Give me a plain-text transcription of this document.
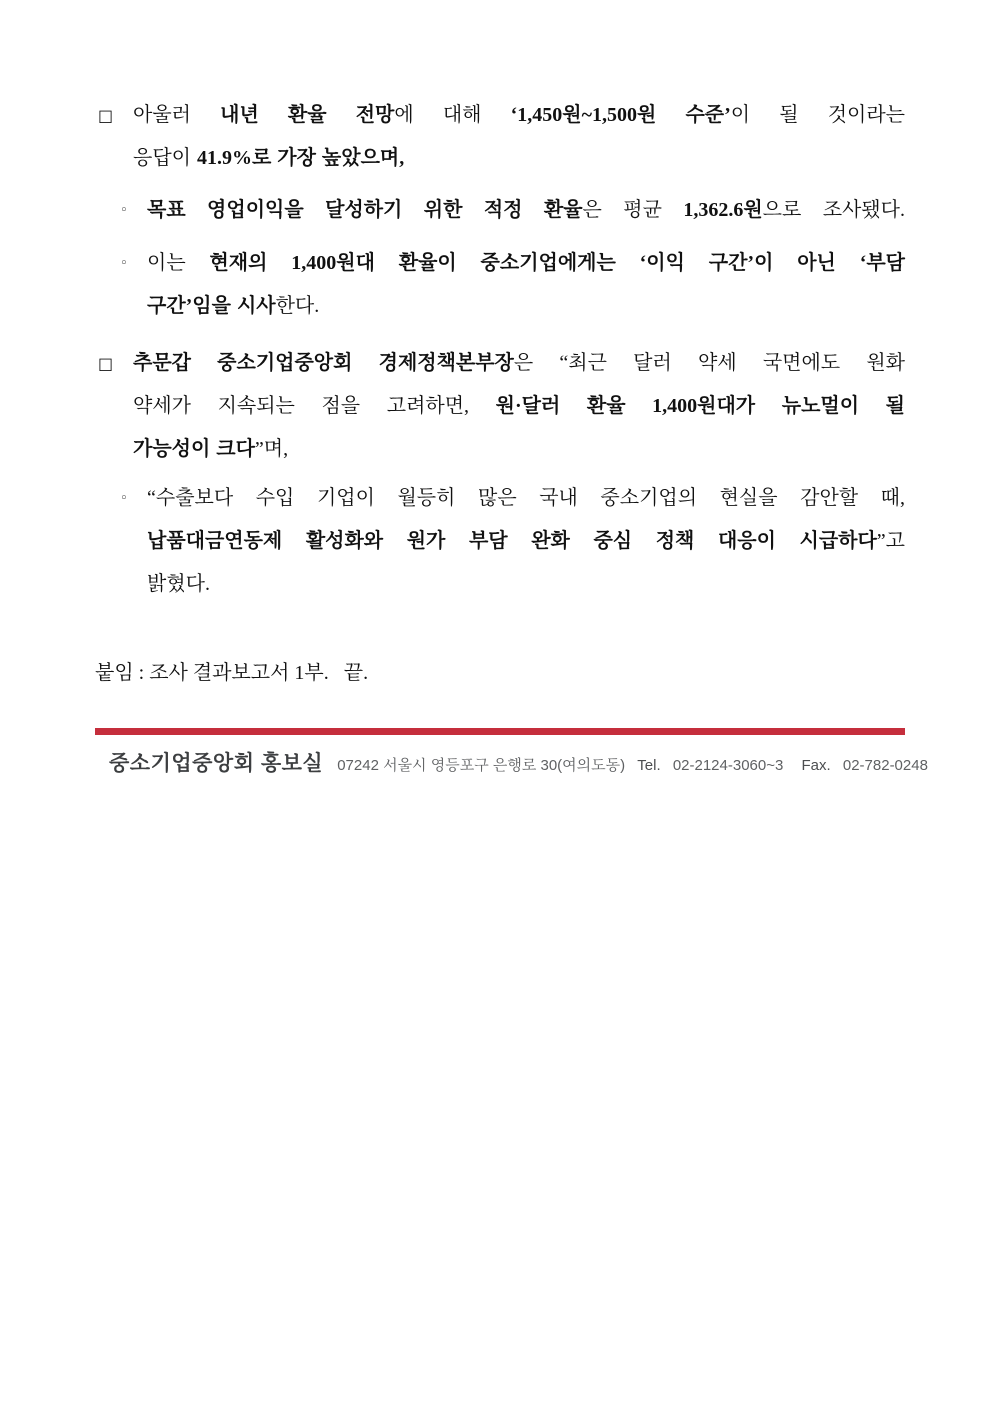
□ 아울러 내년 환율 전망에 대해 ‘1,450원~1,500원 수준’이 될 것이라는
응답이 41.9%로 가장 높았으며,
◦ 목표 영업이익을 달성하기 위한 적정 환율은 평균 1,362.6원으로 조사됐다.
◦ 이는 현재의 1,400원대 환율이 중소기업에게는 ‘이익 구간’이 아닌 ‘부담
구간’임을 시사한다.
□ 추문갑 중소기업중앙회 경제정책본부장은 “최근 달러 약세 국면에도 원화
약세가 지속되는 점을 고려하면, 원·달러 환율 1,400원대가 뉴노멀이 될
가능성이 크다”며,
◦ “수출보다 수입 기업이 월등히 많은 국내 중소기업의 현실을 감안할 때,
납품대금연동제 활성화와 원가 부담 완화 중심 정책 대응이 시급하다”고
밝혔다.
붙임 : 조사 결과보고서 1부.   끝.
중소기업중앙회 홍보실 07242 서울시 영등포구 은행로 30(여의도동) Tel. 02-2124-3060~3 Fax. 02-782-0248
